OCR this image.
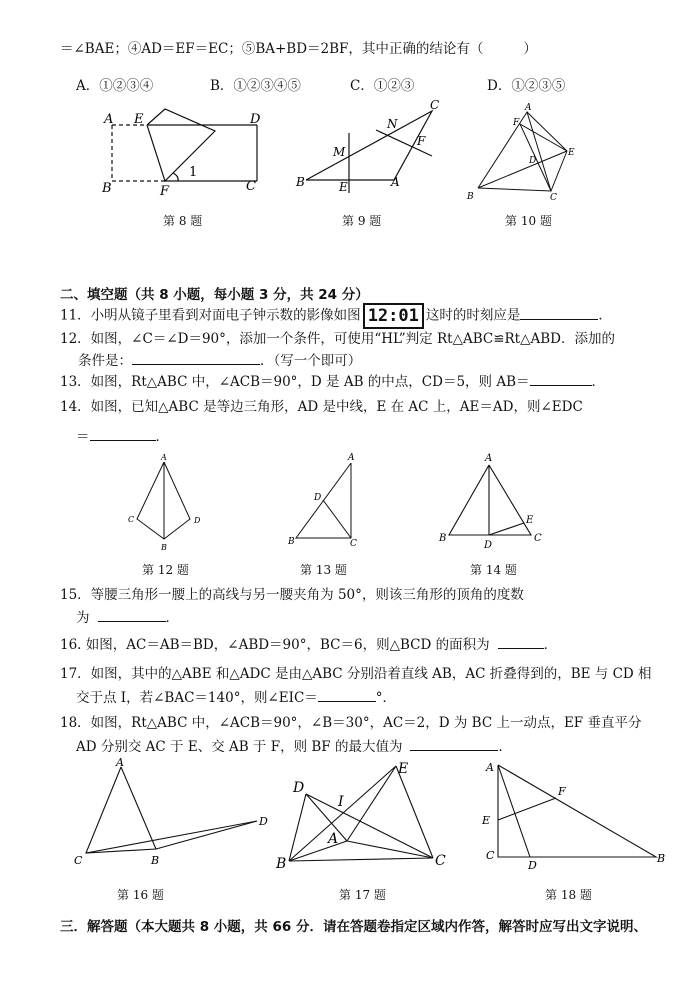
＝∠BAE；④AD＝EF＝EC；⑤BA+BD＝2BF，其中正确的结论有（	）
A．①②③④	B．①②③④⑤	C．①②③	D．①②③⑤
A E	D
B	F	C
1
C
N
F
M
B	E	A
A
F
D
E
B	C
第 8 题	第 9 题	第 10 题
二、填空题（共 8 小题，每小题 3 分，共 24 分）
11．小明从镜子里看到对面电子钟示数的影像如图 12:01 这时的时刻应是	．
12．如图，∠C＝∠D＝90°，添加一个条件，可使用“HL”判定 Rt△ABC≌Rt△ABD．添加的
条件是：	．（写一个即可）
13．如图，Rt△ABC 中，∠ACB＝90°，D 是 AB 的中点，CD＝5，则 AB＝	．
14．如图，已知△ABC 是等边三角形，AD 是中线，E 在 AC 上，AE＝AD，则∠EDC
＝	．
A
C	D
B
A
D
B	C
A
E
B
D
C
第 12 题	第 13 题	第 14 题
15．等腰三角形一腰上的高线与另一腰夹角为 50°，则该三角形的顶角的度数
为	．
16. 如图，AC＝AB＝BD，∠ABD＝90°，BC＝6，则△BCD 的面积为	．
17．如图，其中的△ABE 和△ADC 是由△ABC 分别沿着直线 AB，AC 折叠得到的，BE 与 CD 相
交于点 I，若∠BAC＝140°，则∠EIC＝	°．
18．如图，Rt△ABC 中，∠ACB＝90°，∠B＝30°，AC＝2，D 为 BC 上一动点，EF 垂直平分
AD 分别交 AC 于 E、交 AB 于 F，则 BF 的最大值为	．
A
D
C	B
D
E
I
A
B	C
A
F
E
C
D
B
第 16 题	第 17 题	第 18 题
三．解答题（本大题共 8 小题，共 66 分．请在答题卷指定区域内作答，解答时应写出文字说明、
